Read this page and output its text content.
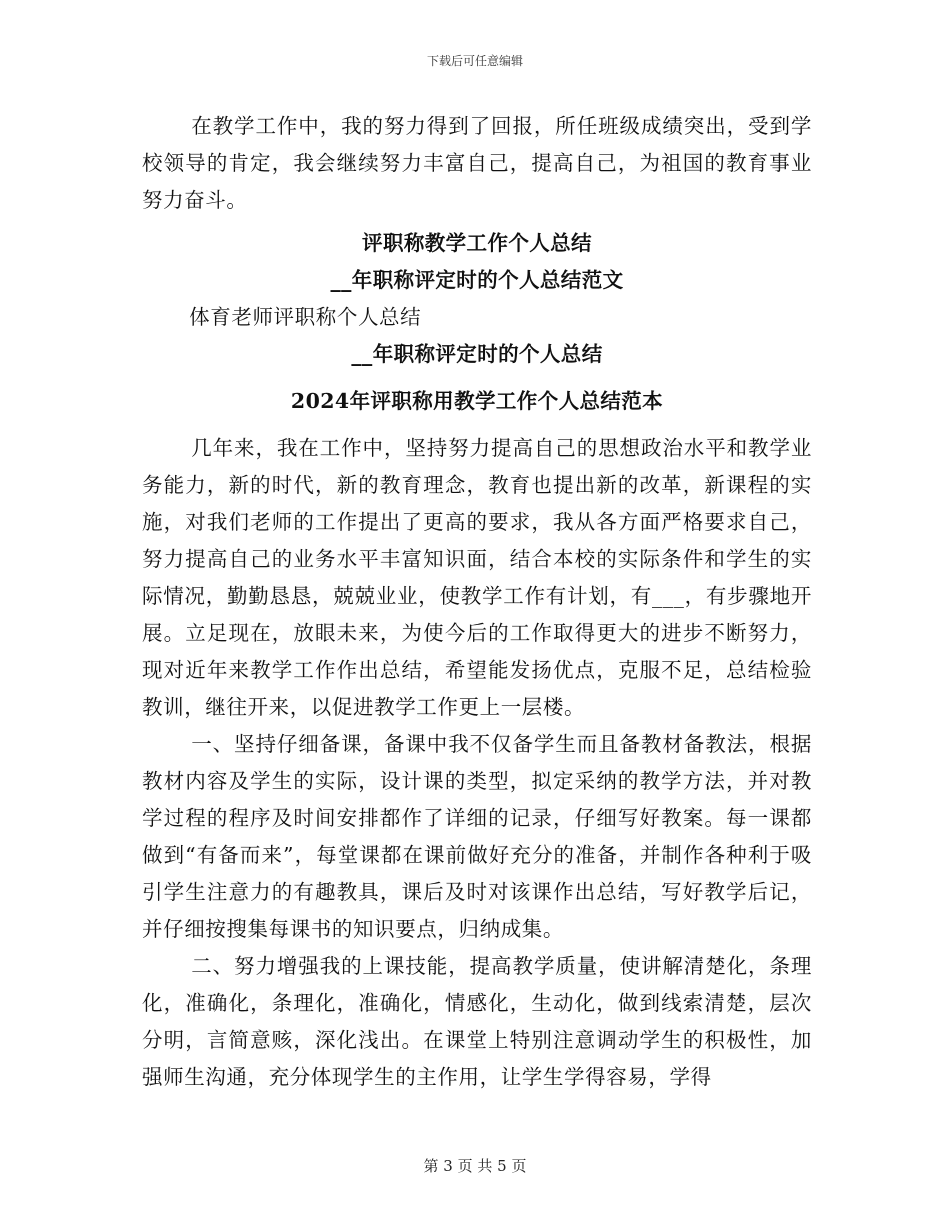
下载后可任意编辑

在教学工作中，我的努力得到了回报，所任班级成绩突出，受到学校领导的肯定，我会继续努力丰富自己，提高自己，为祖国的教育事业努力奋斗。

评职称教学工作个人总结

__年职称评定时的个人总结范文

体育老师评职称个人总结

__年职称评定时的个人总结

2024年评职称用教学工作个人总结范本

几年来，我在工作中，坚持努力提高自己的思想政治水平和教学业务能力，新的时代，新的教育理念，教育也提出新的改革，新课程的实施，对我们老师的工作提出了更高的要求，我从各方面严格要求自己，努力提高自己的业务水平丰富知识面，结合本校的实际条件和学生的实际情况，勤勤恳恳，兢兢业业，使教学工作有计划，有___，有步骤地开展。立足现在，放眼未来，为使今后的工作取得更大的进步不断努力，现对近年来教学工作作出总结，希望能发扬优点，克服不足，总结检验教训，继往开来，以促进教学工作更上一层楼。

一、坚持仔细备课，备课中我不仅备学生而且备教材备教法，根据教材内容及学生的实际，设计课的类型，拟定采纳的教学方法，并对教学过程的程序及时间安排都作了详细的记录，仔细写好教案。每一课都做到“有备而来”，每堂课都在课前做好充分的准备，并制作各种利于吸引学生注意力的有趣教具，课后及时对该课作出总结，写好教学后记，并仔细按搜集每课书的知识要点，归纳成集。

二、努力增强我的上课技能，提高教学质量，使讲解清楚化，条理化，准确化，条理化，准确化，情感化，生动化，做到线索清楚，层次分明，言简意赅，深化浅出。在课堂上特别注意调动学生的积极性，加强师生沟通，充分体现学生的主作用，让学生学得容易，学得

第 3 页 共 5 页
